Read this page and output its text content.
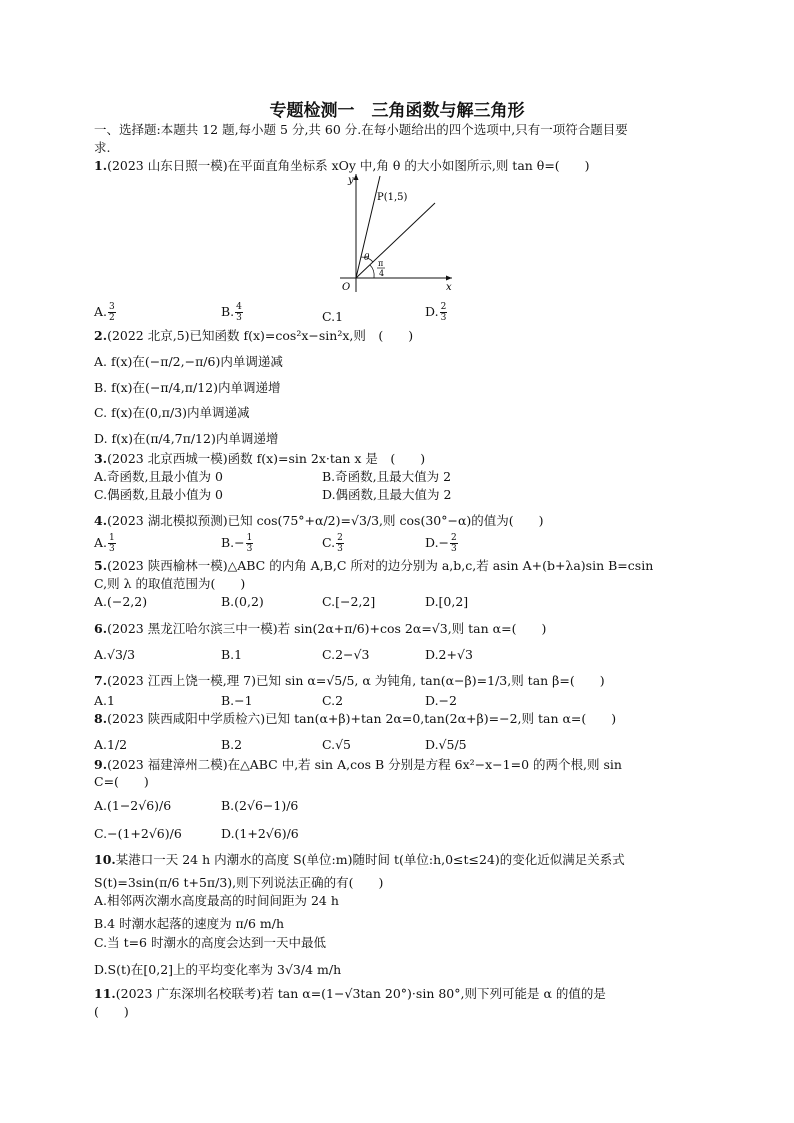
专题检测一　三角函数与解三角形
一、选择题:本题共 12 题,每小题 5 分,共 60 分.在每小题给出的四个选项中,只有一项符合题目要
求.
1.(2023 山东日照一模)在平面直角坐标系 xOy 中,角 θ 的大小如图所示,则 tan θ=(　　)
y
x
O
P(1,5)
θ
π
4
A. $\frac{3}{2}$	B. $\frac{4}{3}$	C.1	D. $\frac{2}{3}$
2.(2022 北京,5)已知函数 f(x)=cos²x−sin²x,则　(　　)
A. f(x)在(−π/2,−π/6)内单调递减
B. f(x)在(−π/4,π/12)内单调递增
C. f(x)在(0,π/3)内单调递减
D. f(x)在(π/4,7π/12)内单调递增
3.(2023 北京西城一模)函数 f(x)=sin 2x·tan x 是　(　　)
A.奇函数,且最小值为 0	B.奇函数,且最大值为 2
C.偶函数,且最小值为 0	D.偶函数,且最大值为 2
4.(2023 湖北模拟预测)已知 cos(75°+α/2)=√3/3,则 cos(30°−α)的值为(　　)
A. $\frac{1}{3}$	$B.- \frac{1}{3}$	C. $\frac{2}{3}$	$D.- \frac{2}{3}$
5.(2023 陕西榆林一模)△ABC 的内角 A,B,C 所对的边分别为 a,b,c,若 asin A+(b+λa)sin B=csin
C,则 λ 的取值范围为(　　)
A.(−2,2)	B.(0,2)	C.[−2,2]	D.[0,2]
6.(2023 黑龙江哈尔滨三中一模)若 sin(2α+π/6)+cos 2α=√3,则 tan α=(　　)
A.√3/3	B.1	C.2−√3	D.2+√3
7.(2023 江西上饶一模,理 7)已知 sin α=√5/5, α 为钝角, tan(α−β)=1/3,则 tan β=(　　)
A.1	B.−1	C.2	D.−2
8.(2023 陕西咸阳中学质检六)已知 tan(α+β)+tan 2α=0,tan(2α+β)=−2,则 tan α=(　　)
A.1/2	B.2	C.√5	D.√5/5
9.(2023 福建漳州二模)在△ABC 中,若 sin A,cos B 分别是方程 6x²−x−1=0 的两个根,则 sin
C=(　　)
A.(1−2√6)/6	B.(2√6−1)/6
C.−(1+2√6)/6	D.(1+2√6)/6
10.某港口一天 24 h 内潮水的高度 S(单位:m)随时间 t(单位:h,0≤t≤24)的变化近似满足关系式
S(t)=3sin(π/6 t+5π/3),则下列说法正确的有(　　)
A.相邻两次潮水高度最高的时间间距为 24 h
B.4 时潮水起落的速度为 π/6 m/h
C.当 t=6 时潮水的高度会达到一天中最低
D.S(t)在[0,2]上的平均变化率为 3√3/4 m/h
11.(2023 广东深圳名校联考)若 tan α=(1−√3tan 20°)·sin 80°,则下列可能是 α 的值的是
(　　)
